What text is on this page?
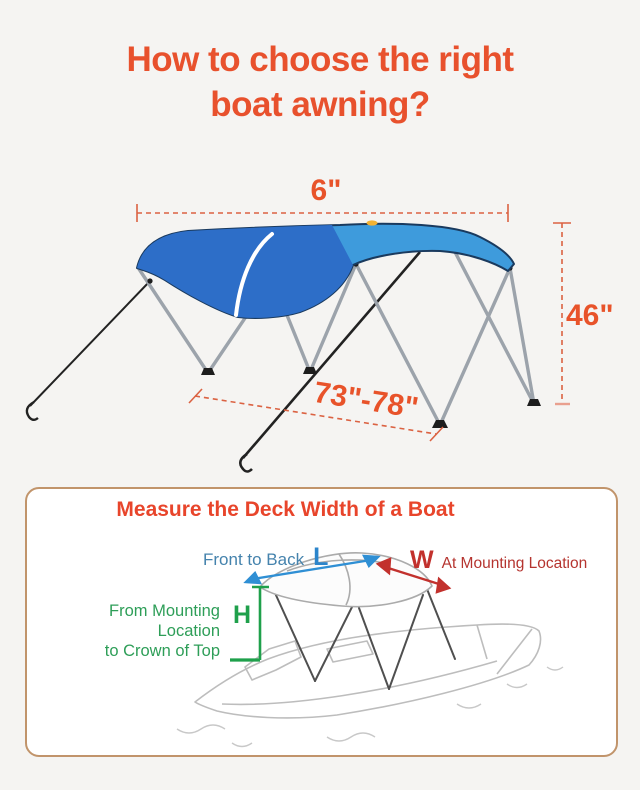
How to choose the right
boat awning?
6"
46"
73"-78"
Measure the Deck Width of a Boat
Front to Back L	W At Mounting Location
From Mounting Location
to Crown of Top
H
